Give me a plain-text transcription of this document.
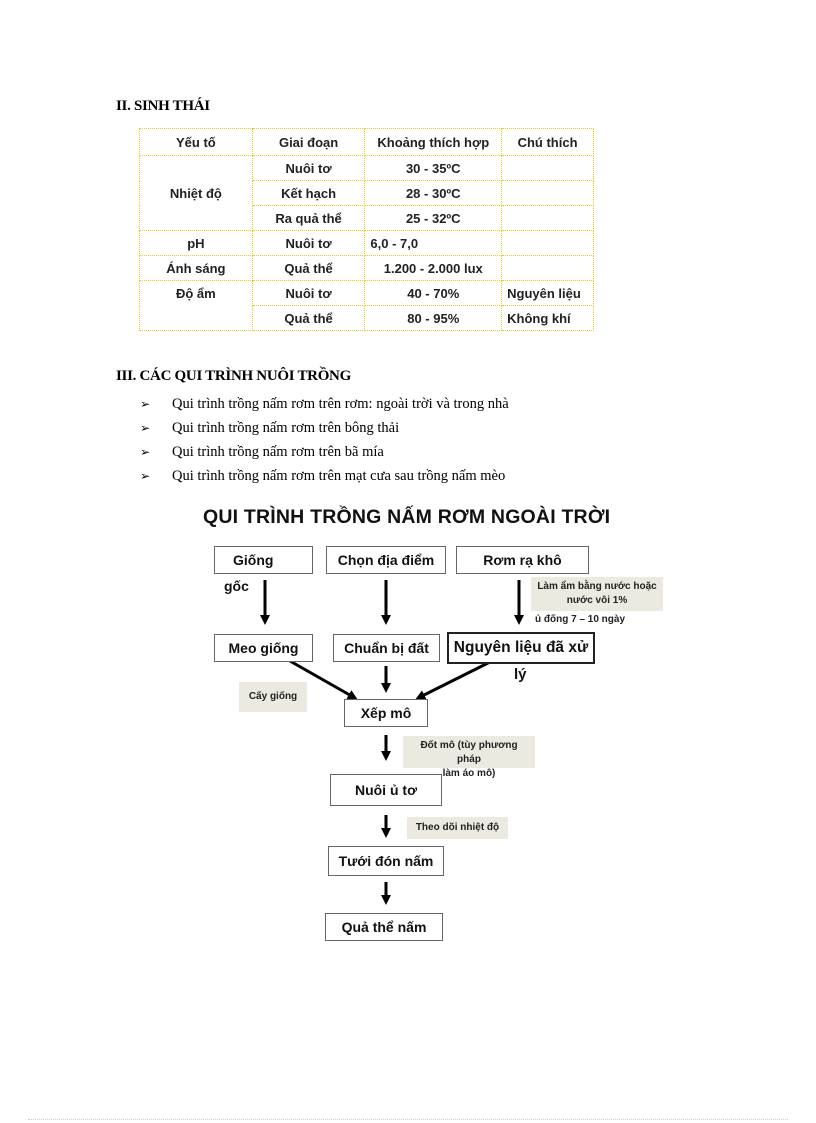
II. SINH THÁI
Yếu tố	Giai đoạn	Khoảng thích hợp	Chú thích
Nhiệt độ	Nuôi tơ	30 - 35ºC	
	Kết hạch	28 - 30ºC	
	Ra quả thể	25 - 32ºC	
pH	Nuôi tơ	6,0 - 7,0	
Ánh sáng	Quả thể	1.200 - 2.000 lux	
Độ ẩm	Nuôi tơ	40 - 70%	Nguyên liệu
	Quả thể	80 - 95%	Không khí
III. CÁC QUI TRÌNH NUÔI TRỒNG
➢	Qui trình trồng nấm rơm trên rơm: ngoài trời và trong nhà
➢	Qui trình trồng nấm rơm trên bông thải
➢	Qui trình trồng nấm rơm trên bã mía
➢	Qui trình trồng nấm rơm trên mạt cưa sau trồng nấm mèo
QUI TRÌNH TRỒNG NẤM RƠM NGOÀI TRỜI
Giống
gốc
Chọn địa điểm	Rơm rạ khô
Làm ẩm bằng nước hoặc
nước vôi 1%
ủ đống 7 – 10 ngày
Meo giống	Chuẩn bị đất	Nguyên liệu đã xử
lý
Cấy giống
Xếp mô
Đốt mô (tùy phương pháp
làm áo mô)
Nuôi ủ tơ
Theo dõi nhiệt độ
Tưới đón nấm
Quả thể nấm
